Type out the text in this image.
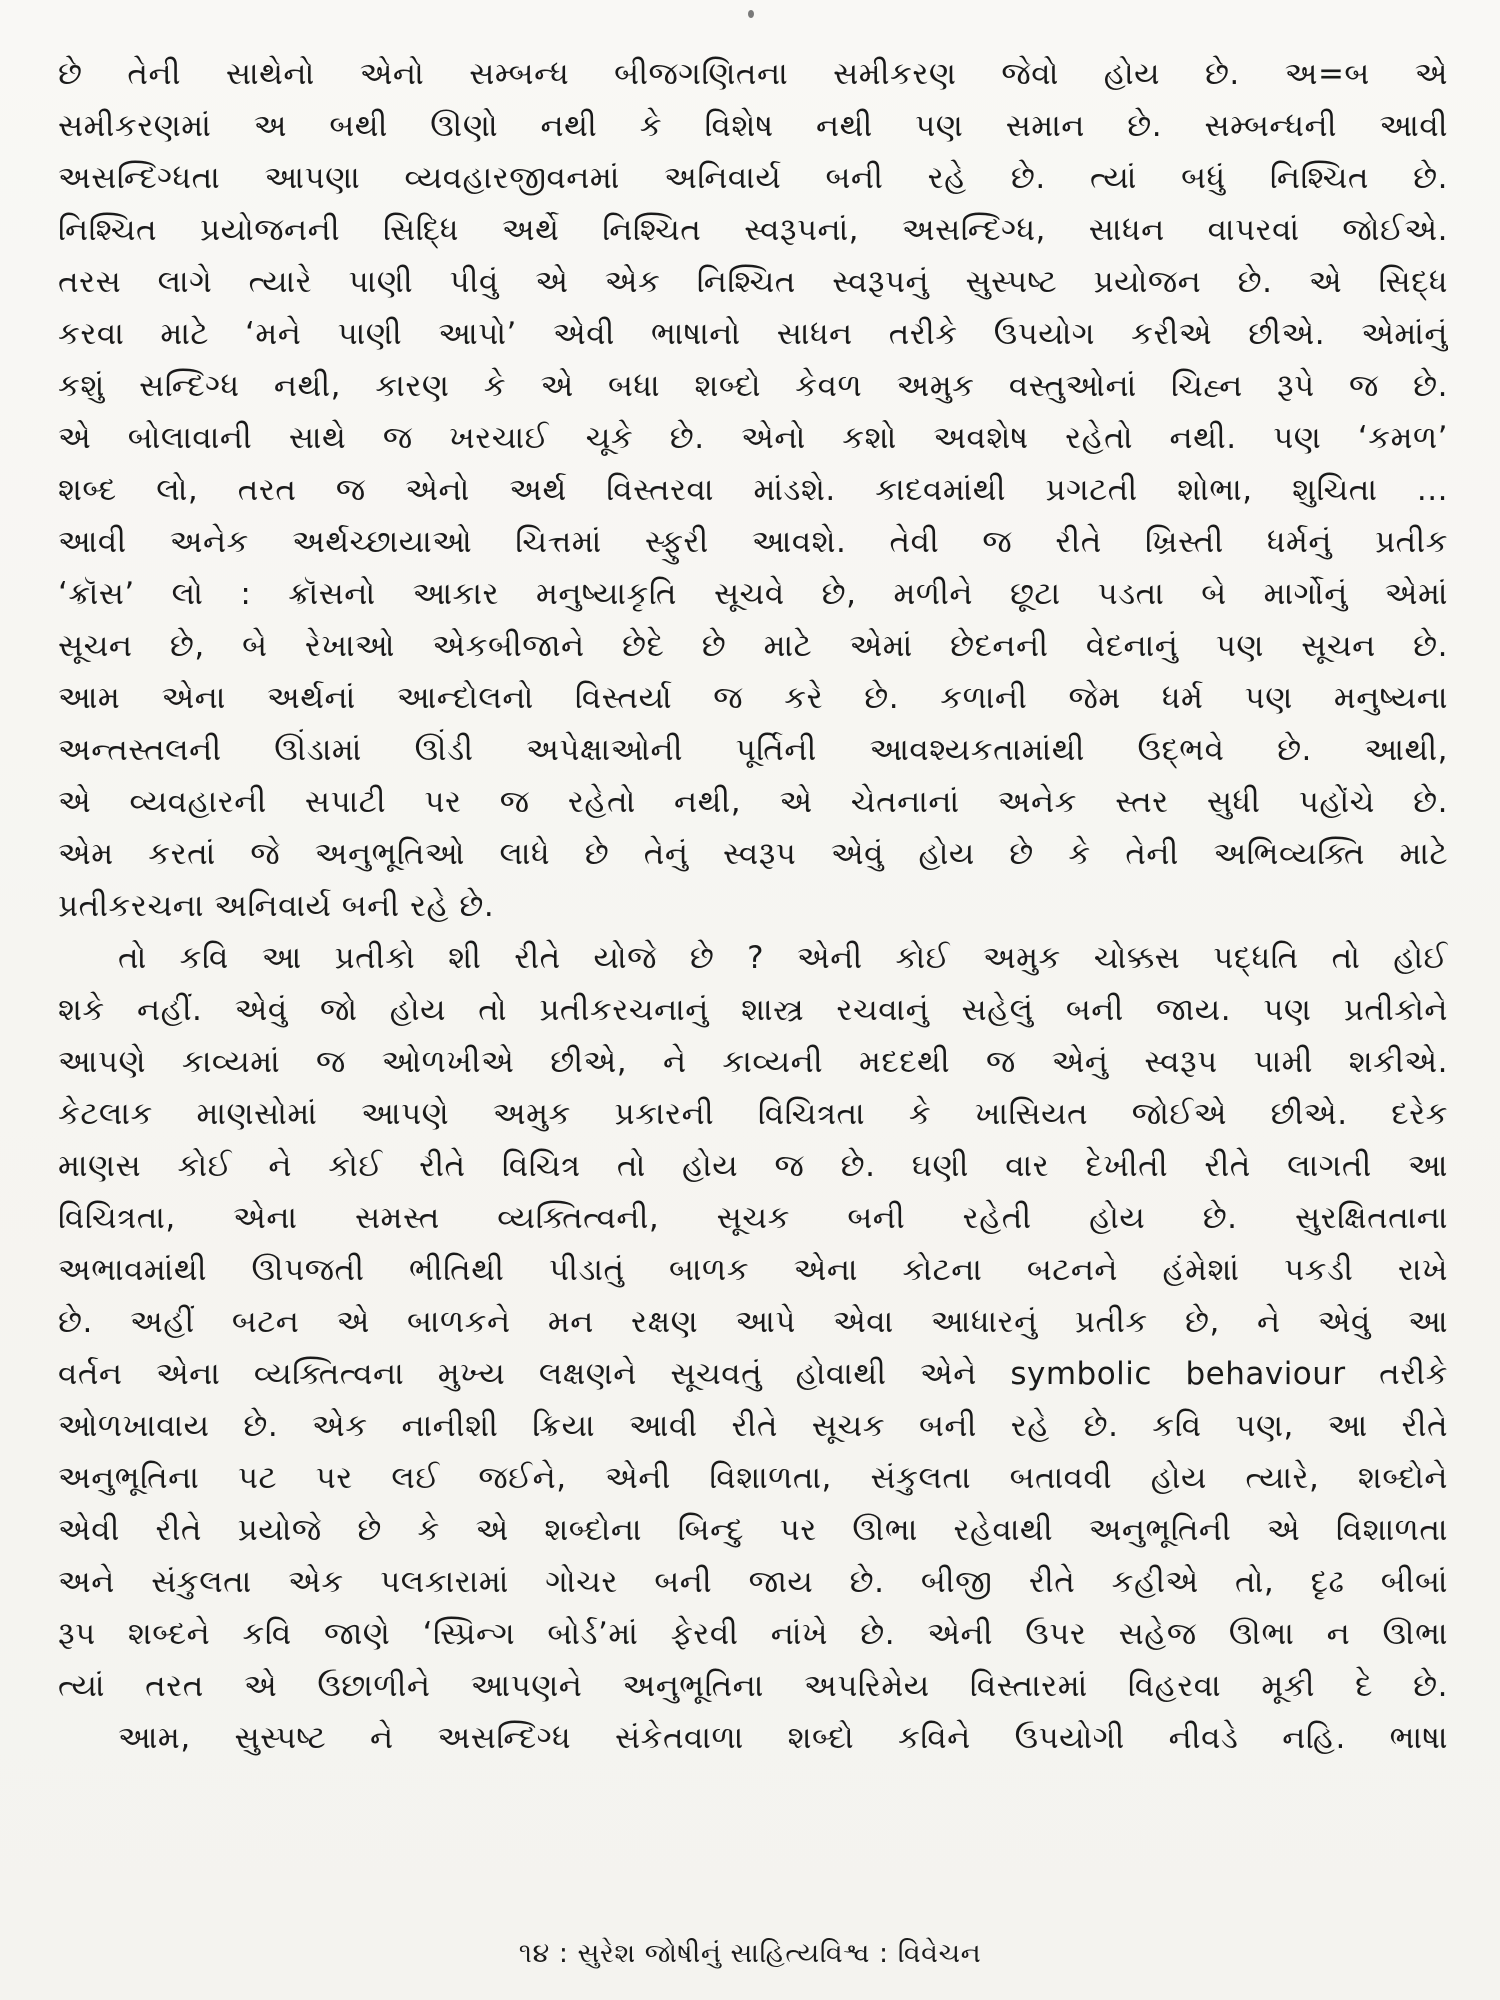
છે તેની સાથેનો એનો સમ્બન્ધ બીજગણિતના સમીકરણ જેવો હોય છે. અ=બ એ
સમીકરણમાં અ બથી ઊણો નથી કે વિશેષ નથી પણ સમાન છે. સમ્બન્ધની આવી
અસન્દિગ્ધતા આપણા વ્યવહારજીવનમાં અનિવાર્ય બની રહે છે. ત્યાં બધું નિશ્ચિત છે.
નિશ્ચિત પ્રયોજનની સિદ્ધિ અર્થે નિશ્ચિત સ્વરૂપનાં, અસન્દિગ્ધ, સાધન વાપરવાં જોઈએ.
તરસ લાગે ત્યારે પાણી પીવું એ એક નિશ્ચિત સ્વરૂપનું સુસ્પષ્ટ પ્રયોજન છે. એ સિદ્ધ
કરવા માટે ‘મને પાણી આપો’ એવી ભાષાનો સાધન તરીકે ઉપયોગ કરીએ છીએ. એમાંનું
કશું સન્દિગ્ધ નથી, કારણ કે એ બધા શબ્દો કેવળ અમુક વસ્તુઓનાં ચિહ્ન રૂપે જ છે.
એ બોલાવાની સાથે જ ખરચાઈ ચૂકે છે. એનો કશો અવશેષ રહેતો નથી. પણ ‘કમળ’
શબ્દ લો, તરત જ એનો અર્થ વિસ્તરવા માંડશે. કાદવમાંથી પ્રગટતી શોભા, શુચિતા ...
આવી અનેક અર્થચ્છાયાઓ ચિત્તમાં સ્ફુરી આવશે. તેવી જ રીતે ખ્રિસ્તી ધર્મનું પ્રતીક
‘ક્રૉસ’ લો : ક્રૉસનો આકાર મનુષ્યાકૃતિ સૂચવે છે, મળીને છૂટા પડતા બે માર્ગોનું એમાં
સૂચન છે, બે રેખાઓ એકબીજાને છેદે છે માટે એમાં છેદનની વેદનાનું પણ સૂચન છે.
આમ એના અર્થનાં આન્દોલનો વિસ્તર્યા જ કરે છે. કળાની જેમ ધર્મ પણ મનુષ્યના
અન્તસ્તલની ઊંડામાં ઊંડી અપેક્ષાઓની પૂર્તિની આવશ્યકતામાંથી ઉદ્ભવે છે. આથી,
એ વ્યવહારની સપાટી પર જ રહેતો નથી, એ ચેતનાનાં અનેક સ્તર સુધી પહોંચે છે.
એમ કરતાં જે અનુભૂતિઓ લાધે છે તેનું સ્વરૂપ એવું હોય છે કે તેની અભિવ્યક્તિ માટે
પ્રતીકરચના અનિવાર્ય બની રહે છે.
તો કવિ આ પ્રતીકો શી રીતે યોજે છે ? એની કોઈ અમુક ચોક્કસ પદ્ધતિ તો હોઈ
શકે નહીં. એવું જો હોય તો પ્રતીકરચનાનું શાસ્ત્ર રચવાનું સહેલું બની જાય. પણ પ્રતીકોને
આપણે કાવ્યમાં જ ઓળખીએ છીએ, ને કાવ્યની મદદથી જ એનું સ્વરૂપ પામી શકીએ.
કેટલાક માણસોમાં આપણે અમુક પ્રકારની વિચિત્રતા કે ખાસિયત જોઈએ છીએ. દરેક
માણસ કોઈ ને કોઈ રીતે વિચિત્ર તો હોય જ છે. ઘણી વાર દેખીતી રીતે લાગતી આ
વિચિત્રતા, એના સમસ્ત વ્યક્તિત્વની, સૂચક બની રહેતી હોય છે. સુરક્ષિતતાના
અભાવમાંથી ઊપજતી ભીતિથી પીડાતું બાળક એના કોટના બટનને હંમેશાં પકડી રાખે
છે. અહીં બટન એ બાળકને મન રક્ષણ આપે એવા આધારનું પ્રતીક છે, ને એવું આ
વર્તન એના વ્યક્તિત્વના મુખ્ય લક્ષણને સૂચવતું હોવાથી એને symbolic behaviour તરીકે
ઓળખાવાય છે. એક નાનીશી ક્રિયા આવી રીતે સૂચક બની રહે છે. કવિ પણ, આ રીતે
અનુભૂતિના પટ પર લઈ જઈને, એની વિશાળતા, સંકુલતા બતાવવી હોય ત્યારે, શબ્દોને
એવી રીતે પ્રયોજે છે કે એ શબ્દોના બિન્દુ પર ઊભા રહેવાથી અનુભૂતિની એ વિશાળતા
અને સંકુલતા એક પલકારામાં ગોચર બની જાય છે. બીજી રીતે કહીએ તો, દૃઢ બીબાં
રૂપ શબ્દને કવિ જાણે ‘સ્પ્રિન્ગ બોર્ડ’માં ફેરવી નાંખે છે. એની ઉપર સહેજ ઊભા ન ઊભા
ત્યાં તરત એ ઉછાળીને આપણને અનુભૂતિના અપરિમેય વિસ્તારમાં વિહરવા મૂકી દે છે.
આમ, સુસ્પષ્ટ ને અસન્દિગ્ધ સંકેતવાળા શબ્દો કવિને ઉપયોગી નીવડે નહિ. ભાષા
૧૪ : સુરેશ જોષીનું સાહિત્યવિશ્વ : વિવેચન
